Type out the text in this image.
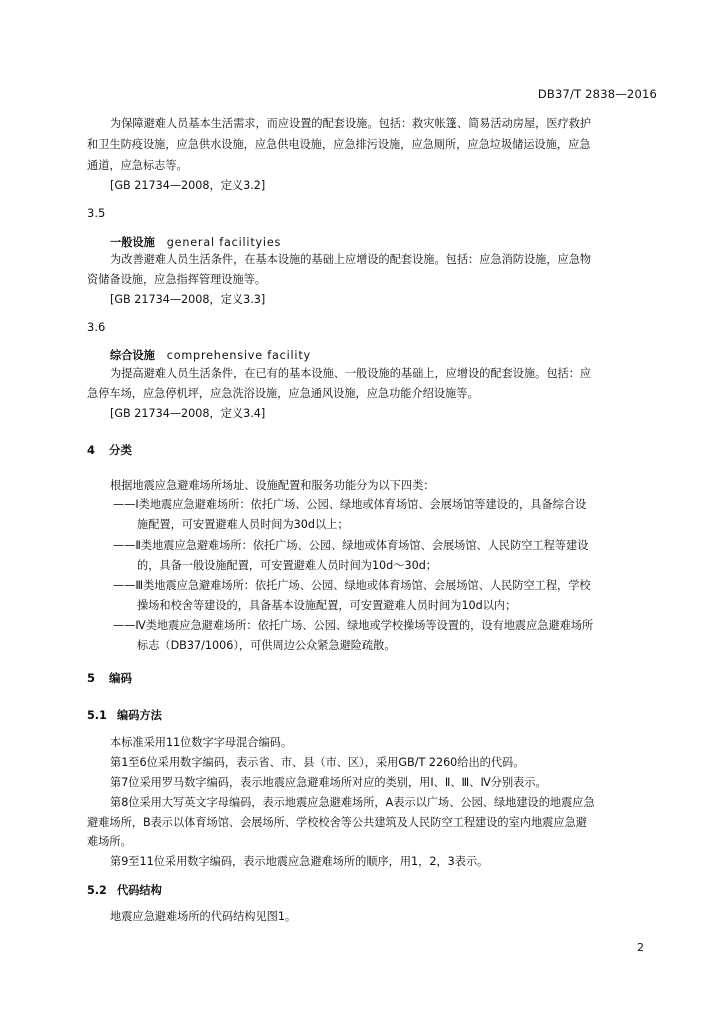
DB37/T 2838—2016
为保障避难人员基本生活需求，而应设置的配套设施。包括：救灾帐篷、简易活动房屋，医疗救护
和卫生防疫设施，应急供水设施，应急供电设施，应急排污设施，应急厕所，应急垃圾储运设施，应急
通道，应急标志等。
[GB 21734—2008，定义3.2]
3.5
一般设施 general facilityies
为改善避难人员生活条件，在基本设施的基础上应增设的配套设施。包括：应急消防设施，应急物
资储备设施，应急指挥管理设施等。
[GB 21734—2008，定义3.3]
3.6
综合设施 comprehensive facility
为提高避难人员生活条件，在已有的基本设施、一般设施的基础上，应增设的配套设施。包括：应
急停车场，应急停机坪，应急洗浴设施，应急通风设施，应急功能介绍设施等。
[GB 21734—2008，定义3.4]
4 分类
根据地震应急避难场所场址、设施配置和服务功能分为以下四类：
——Ⅰ类地震应急避难场所：依托广场、公园、绿地或体育场馆、会展场馆等建设的，具备综合设
施配置，可安置避难人员时间为30d以上；
——Ⅱ类地震应急避难场所：依托广场、公园、绿地或体育场馆、会展场馆、人民防空工程等建设
的，具备一般设施配置，可安置避难人员时间为10d～30d；
——Ⅲ类地震应急避难场所：依托广场、公园、绿地或体育场馆、会展场馆、人民防空工程，学校
操场和校舍等建设的，具备基本设施配置，可安置避难人员时间为10d以内；
——Ⅳ类地震应急避难场所：依托广场、公园、绿地或学校操场等设置的，设有地震应急避难场所
标志（DB37/1006），可供周边公众紧急避险疏散。
5 编码
5.1 编码方法
本标准采用11位数字字母混合编码。
第1至6位采用数字编码，表示省、市、县（市、区），采用GB/T 2260给出的代码。
第7位采用罗马数字编码，表示地震应急避难场所对应的类别，用Ⅰ、Ⅱ、Ⅲ、Ⅳ分别表示。
第8位采用大写英文字母编码，表示地震应急避难场所，A表示以广场、公园、绿地建设的地震应急
避难场所，B表示以体育场馆、会展场所、学校校舍等公共建筑及人民防空工程建设的室内地震应急避
难场所。
第9至11位采用数字编码，表示地震应急避难场所的顺序，用1，2，3表示。
5.2 代码结构
地震应急避难场所的代码结构见图1。
2
